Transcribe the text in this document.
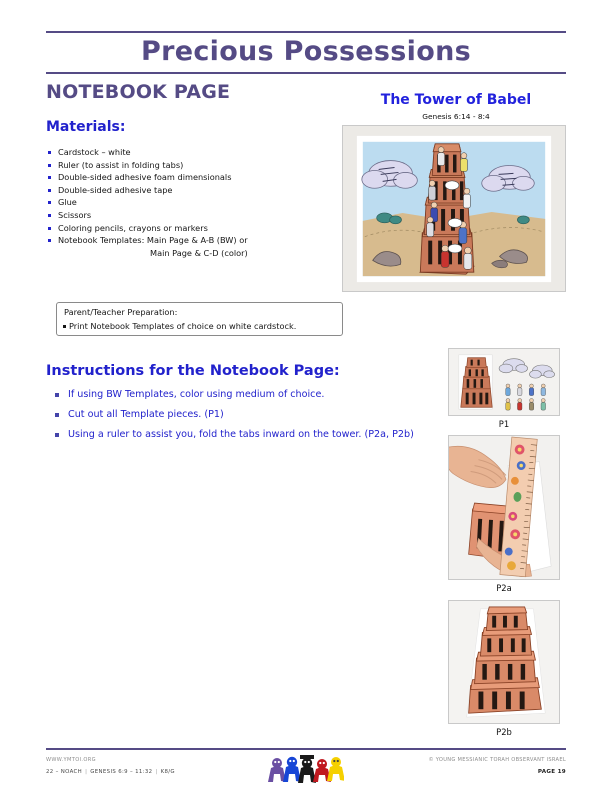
Precious Possessions
NOTEBOOK PAGE
Materials:
Cardstock – white
Ruler (to assist in folding tabs)
Double-sided adhesive foam dimensionals
Double-sided adhesive tape
Glue
Scissors
Coloring pencils, crayons or markers
Notebook Templates: Main Page & A-B (BW) or
Main Page & C-D (color)
Parent/Teacher Preparation:
Print Notebook Templates of choice on white cardstock.
Instructions for the Notebook Page:
If using BW Templates, color using medium of choice.
Cut out all Template pieces. (P1)
Using a ruler to assist you, fold the tabs inward on the tower. (P2a, P2b)
The Tower of Babel
Genesis 6:14 - 8:4
P1
P2a
P2b
WWW.YMTOI.ORG
22 – NOACH | GENESIS 6:9 – 11:32 | K8/G
© YOUNG MESSIANIC TORAH OBSERVANT ISRAEL
PAGE 19
